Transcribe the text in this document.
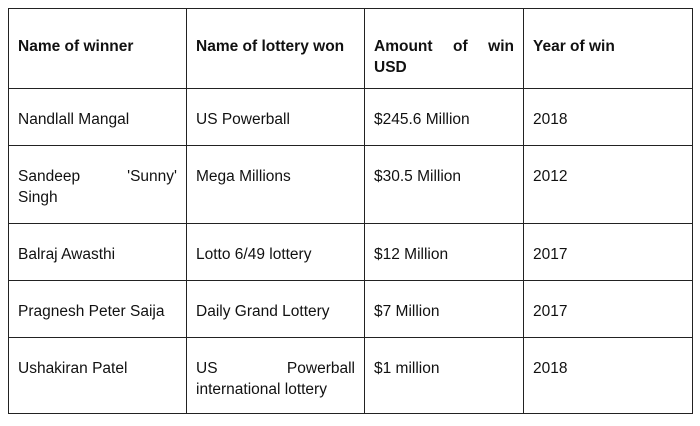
Name of winner	Name of lottery won	Amount of win USD	Year of win
Nandlall Mangal	US Powerball	$245.6 Million	2018
Sandeep 'Sunny' Singh	Mega Millions	$30.5 Million	2012
Balraj Awasthi	Lotto 6/49 lottery	$12 Million	2017
Pragnesh Peter Saija	Daily Grand Lottery	$7 Million	2017
Ushakiran Patel	US Powerball international lottery	$1 million	2018
